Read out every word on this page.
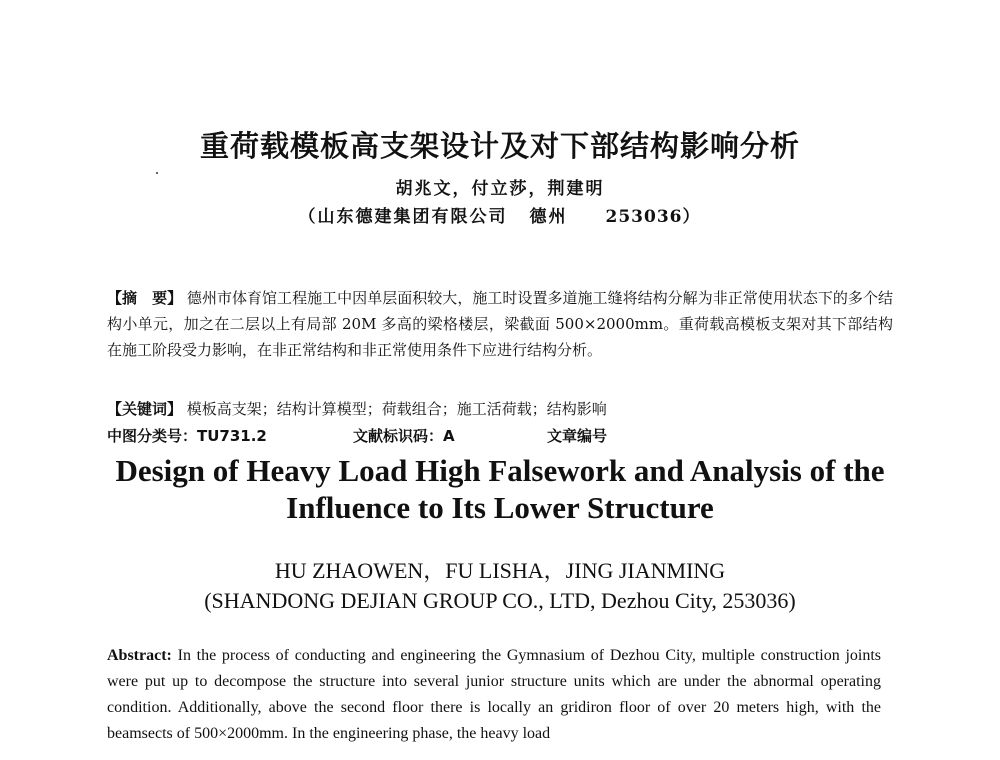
重荷载模板高支架设计及对下部结构影响分析
胡兆文，付立莎，荆建明
（山东德建集团有限公司 德州 253036）
【摘　要】 德州市体育馆工程施工中因单层面积较大，施工时设置多道施工缝将结构分解为非正常使用状态下的多个结构小单元，加之在二层以上有局部 20M 多高的梁格楼层，梁截面 500×2000mm。重荷载高模板支架对其下部结构在施工阶段受力影响，在非正常结构和非正常使用条件下应进行结构分析。
【关键词】 模板高支架；结构计算模型；荷载组合；施工活荷载；结构影响
中图分类号：TU731.2	文献标识码：A	文章编号
Design of Heavy Load High Falsework and Analysis of the Influence to Its Lower Structure
HU ZHAOWEN，FU LISHA，JING JIANMING
(SHANDONG DEJIAN GROUP CO., LTD, Dezhou City, 253036)
Abstract: In the process of conducting and engineering the Gymnasium of Dezhou City, multiple construction joints were put up to decompose the structure into several junior structure units which are under the abnormal operating condition. Additionally, above the second floor there is locally an gridiron floor of over 20 meters high, with the beamsects of 500×2000mm. In the engineering phase, the heavy load
